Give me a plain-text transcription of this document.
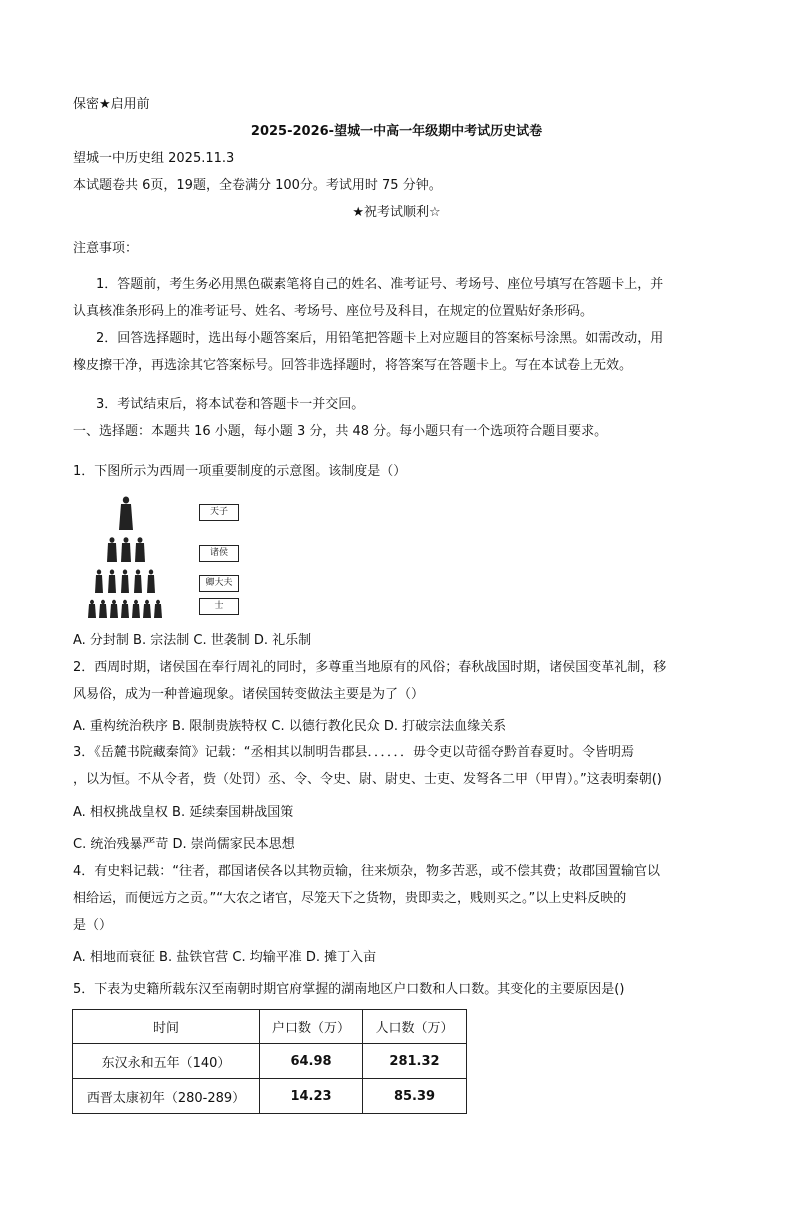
保密★启用前
2025-2026-望城一中高一年级期中考试历史试卷
望城一中历史组 2025.11.3
本试题卷共 6页，19题，全卷满分 100分。考试用时 75 分钟。
★祝考试顺利☆
注意事项：
1．答题前，考生务必用黑色碳素笔将自己的姓名、准考证号、考场号、座位号填写在答题卡上，并
认真核准条形码上的准考证号、姓名、考场号、座位号及科目，在规定的位置贴好条形码。
2．回答选择题时，选出每小题答案后，用铅笔把答题卡上对应题目的答案标号涂黑。如需改动，用
橡皮擦干净，再选涂其它答案标号。回答非选择题时，将答案写在答题卡上。写在本试卷上无效。
3．考试结束后，将本试卷和答题卡一并交回。
一、选择题：本题共 16 小题，每小题 3 分，共 48 分。每小题只有一个选项符合题目要求。
1．下图所示为西周一项重要制度的示意图。该制度是（）
天子
诸侯
卿大夫
士
A. 分封制 B. 宗法制 C. 世袭制 D. 礼乐制
2．西周时期，诸侯国在奉行周礼的同时，多尊重当地原有的风俗；春秋战国时期，诸侯国变革礼制，移
风易俗，成为一种普遍现象。诸侯国转变做法主要是为了（）
A. 重构统治秩序 B. 限制贵族特权 C. 以德行教化民众 D. 打破宗法血缘关系
3．《岳麓书院藏秦简》记载：“丞相其以制明告郡县．．．．．．毋令吏以苛徭夺黔首春夏时。令皆明焉
，以为恒。不从令者，赀（处罚）丞、令、令史、尉、尉史、士吏、发弩各二甲（甲胄）。”这表明秦朝()
A. 相权挑战皇权 B. 延续秦国耕战国策
C. 统治残暴严苛 D. 崇尚儒家民本思想
4．有史料记载：“往者，郡国诸侯各以其物贡输，往来烦杂，物多苦恶，或不偿其费；故郡国置输官以
相给运，而便远方之贡。”“大农之诸官，尽笼天下之货物，贵即卖之，贱则买之。”以上史料反映的
是（）
A. 相地而衰征 B. 盐铁官营 C. 均输平准 D. 摊丁入亩
5．下表为史籍所载东汉至南朝时期官府掌握的湖南地区户口数和人口数。其变化的主要原因是()
时间	户口数（万）	人口数（万）
东汉永和五年（140）	64.98	281.32
西晋太康初年（280-289）	14.23	85.39
